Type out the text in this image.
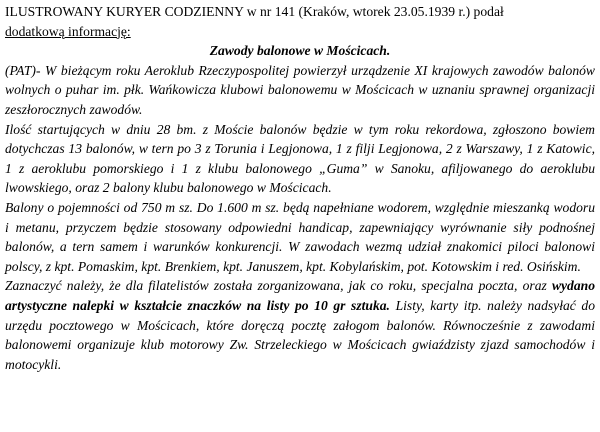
ILUSTROWANY KURYER CODZIENNY w nr 141 (Kraków, wtorek 23.05.1939 r.) podał
dodatkową informację:
Zawody balonowe w Mościcach.

(PAT)- W bieżącym roku Aeroklub Rzeczypospolitej powierzył urządzenie XI krajowych zawodów balonów wolnych o puhar im. płk. Wańkowicza klubowi balonowemu w Mościcach w uznaniu sprawnej organizacji zeszłorocznych zawodów.

Ilość startujących w dniu 28 bm. z Moście balonów będzie w tym roku rekordowa, zgłoszono bowiem dotychczas 13 balonów, w tern po 3 z Torunia i Legjonowa, 1 z filji Legjonowa, 2 z Warszawy, 1 z Katowic, 1 z aeroklubu pomorskiego i 1 z klubu balonowego „Guma” w Sanoku, afiljowanego do aeroklubu lwowskiego, oraz 2 balony klubu balonowego w Mościcach.

Balony o pojemności od 750 m sz. Do 1.600 m sz. będą napełniane wodorem, względnie mieszanką wodoru i metanu, przyczem będzie stosowany odpowiedni handicap, zapewniający wyrównanie siły podnośnej balonów, a tern samem i warunków konkurencji. W zawodach wezmą udział znakomici piloci balonowi polscy, z kpt. Pomaskim, kpt. Brenkiem, kpt. Januszem, kpt. Kobylańskim, pot. Kotowskim i red. Osińskim.

Zaznaczyć należy, że dla filatelistów została zorganizowana, jak co roku, specjalna poczta, oraz wydano artystyczne nalepki w kształcie znaczków na listy po 10 gr sztuka. Listy, karty itp. należy nadsyłać do urzędu pocztowego w Mościcach, które doręczą pocztę załogom balonów. Równocześnie z zawodami balonowemi organizuje klub motorowy Zw. Strzeleckiego w Mościcach gwiaździsty zjazd samochodów i motocykli.
